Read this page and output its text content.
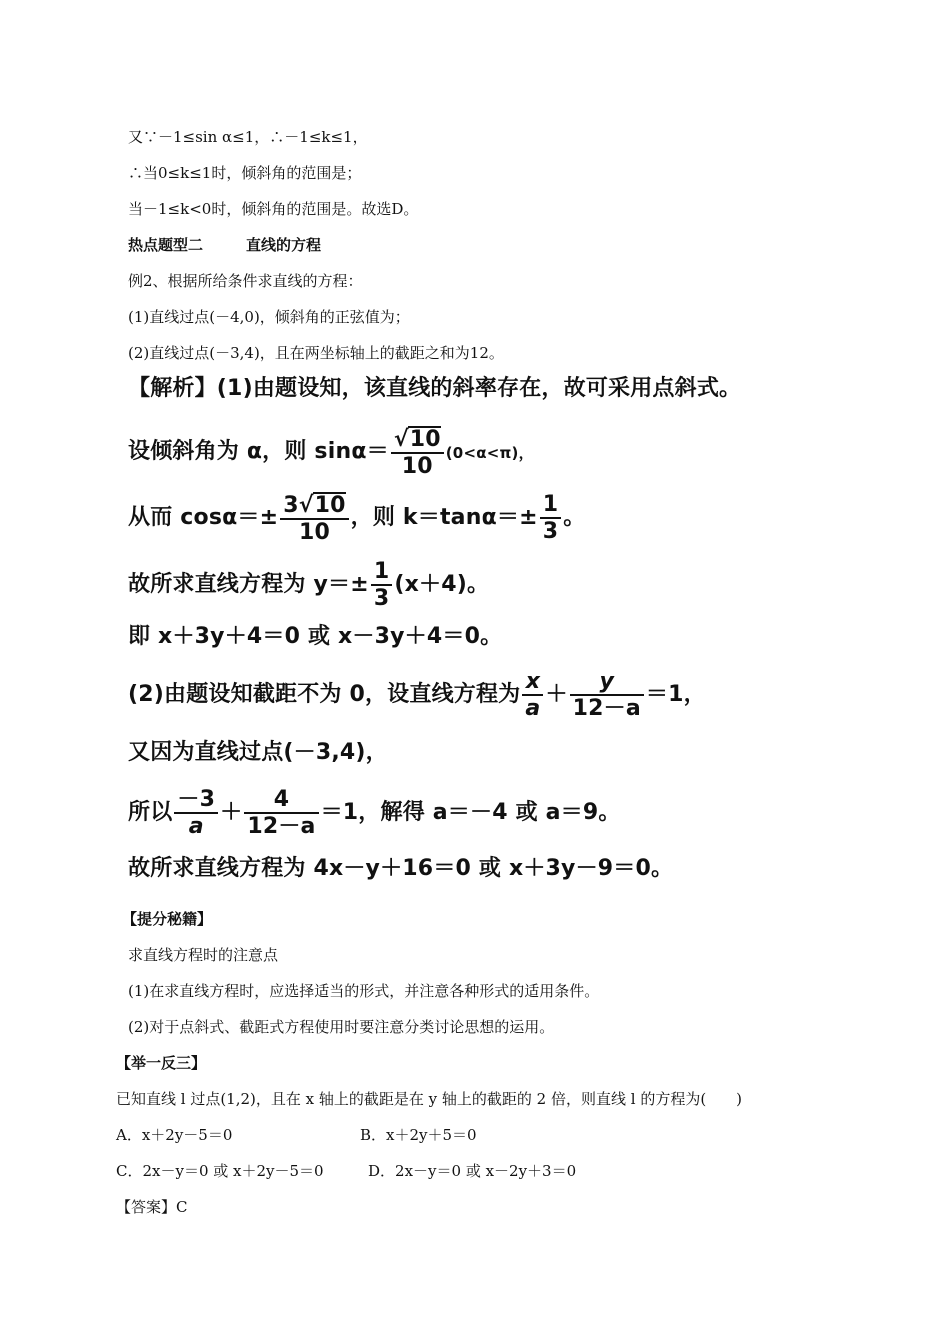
又∵－1≤sin α≤1，∴－1≤k≤1，
∴当0≤k≤1时，倾斜角的范围是；
当－1≤k<0时，倾斜角的范围是。故选D。
热点题型二	直线的方程
例2、根据所给条件求直线的方程：
(1)直线过点(－4,0)，倾斜角的正弦值为；
(2)直线过点(－3,4)，且在两坐标轴上的截距之和为12。
【解析】(1)由题设知，该直线的斜率存在，故可采用点斜式。
设倾斜角为 α，则 $\sin\alpha= \frac{√10}{10} (0<\alpha<\pi)$，
从而 $\cos\alpha=\pm \frac{3√10}{10}$ ，则 $k=\tan\alpha=\pm \frac{1}{3}$ 。
故所求直线方程为 $y=\pm \frac{1}{3} (x+4)$。
即 x＋3y＋4＝0 或 x－3y＋4＝0。
(2)由题设知截距不为 0，设直线方程为 $\frac{x}{a} + \frac{y}{12-a} =1$，
又因为直线过点(－3,4)，
所以 $\frac{-3}{a} + \frac{4}{12-a} =1$，解得 a＝－4 或 a＝9。
故所求直线方程为 4x－y＋16＝0 或 x＋3y－9＝0。
【提分秘籍】
求直线方程时的注意点
(1)在求直线方程时，应选择适当的形式，并注意各种形式的适用条件。
(2)对于点斜式、截距式方程使用时要注意分类讨论思想的运用。
【举一反三】
已知直线 l 过点(1,2)，且在 x 轴上的截距是在 y 轴上的截距的 2 倍，则直线 l 的方程为(　　)
A．x＋2y－5＝0	B．x＋2y＋5＝0
C．2x－y＝0 或 x＋2y－5＝0	D．2x－y＝0 或 x－2y＋3＝0
【答案】C
